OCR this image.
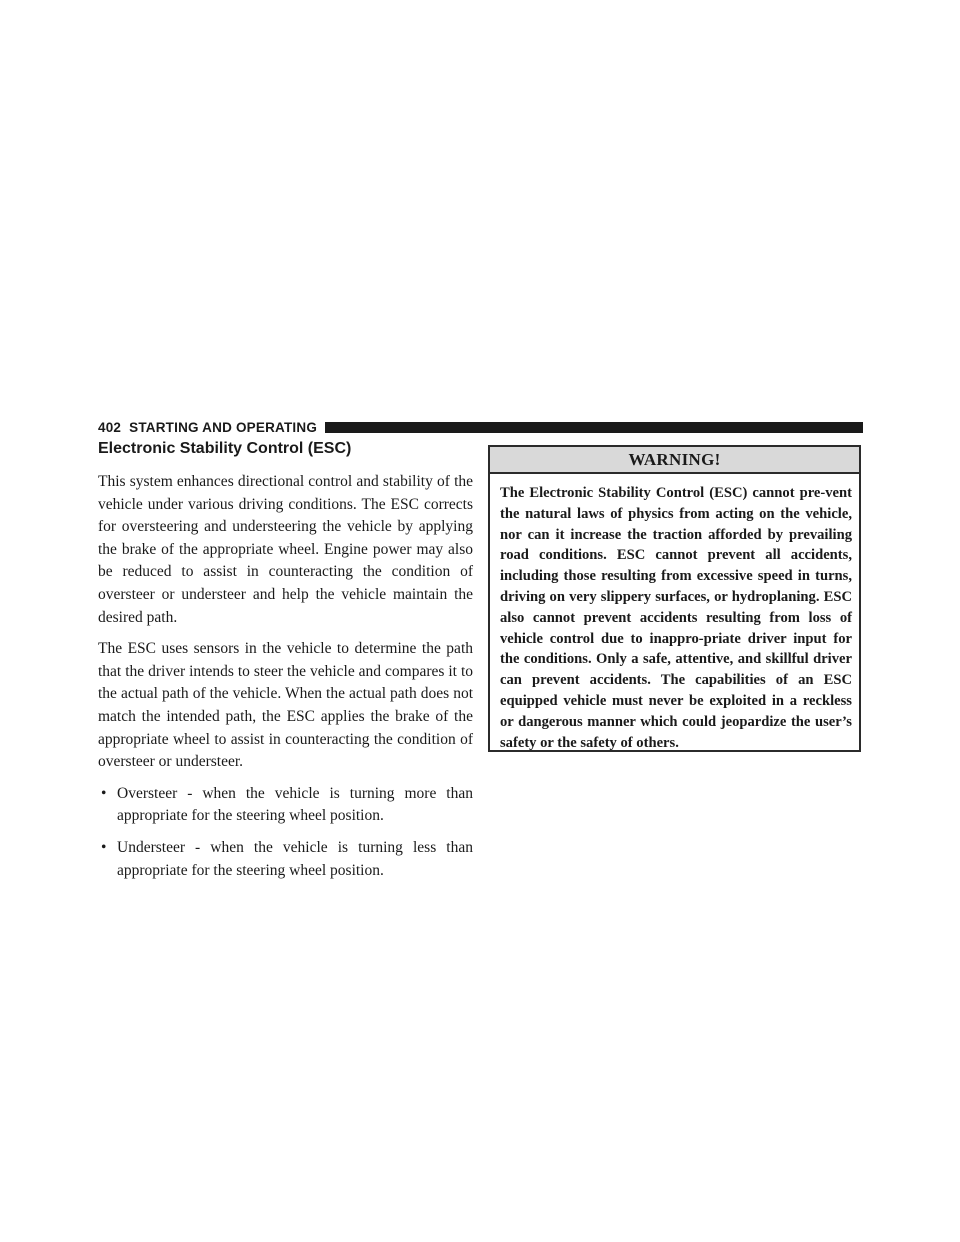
402 STARTING AND OPERATING
Electronic Stability Control (ESC)

This system enhances directional control and stability of the vehicle under various driving conditions. The ESC corrects for oversteering and understeering the vehicle by applying the brake of the appropriate wheel. Engine power may also be reduced to assist in counteracting the condition of oversteer or understeer and help the vehicle maintain the desired path.

The ESC uses sensors in the vehicle to determine the path that the driver intends to steer the vehicle and compares it to the actual path of the vehicle. When the actual path does not match the intended path, the ESC applies the brake of the appropriate wheel to assist in counteracting the condition of oversteer or understeer.

• Oversteer - when the vehicle is turning more than appropriate for the steering wheel position.
• Understeer - when the vehicle is turning less than appropriate for the steering wheel position.
WARNING!

The Electronic Stability Control (ESC) cannot pre-vent the natural laws of physics from acting on the vehicle, nor can it increase the traction afforded by prevailing road conditions. ESC cannot prevent all accidents, including those resulting from excessive speed in turns, driving on very slippery surfaces, or hydroplaning. ESC also cannot prevent accidents resulting from loss of vehicle control due to inappro-priate driver input for the conditions. Only a safe, attentive, and skillful driver can prevent accidents. The capabilities of an ESC equipped vehicle must never be exploited in a reckless or dangerous manner which could jeopardize the user’s safety or the safety of others.
